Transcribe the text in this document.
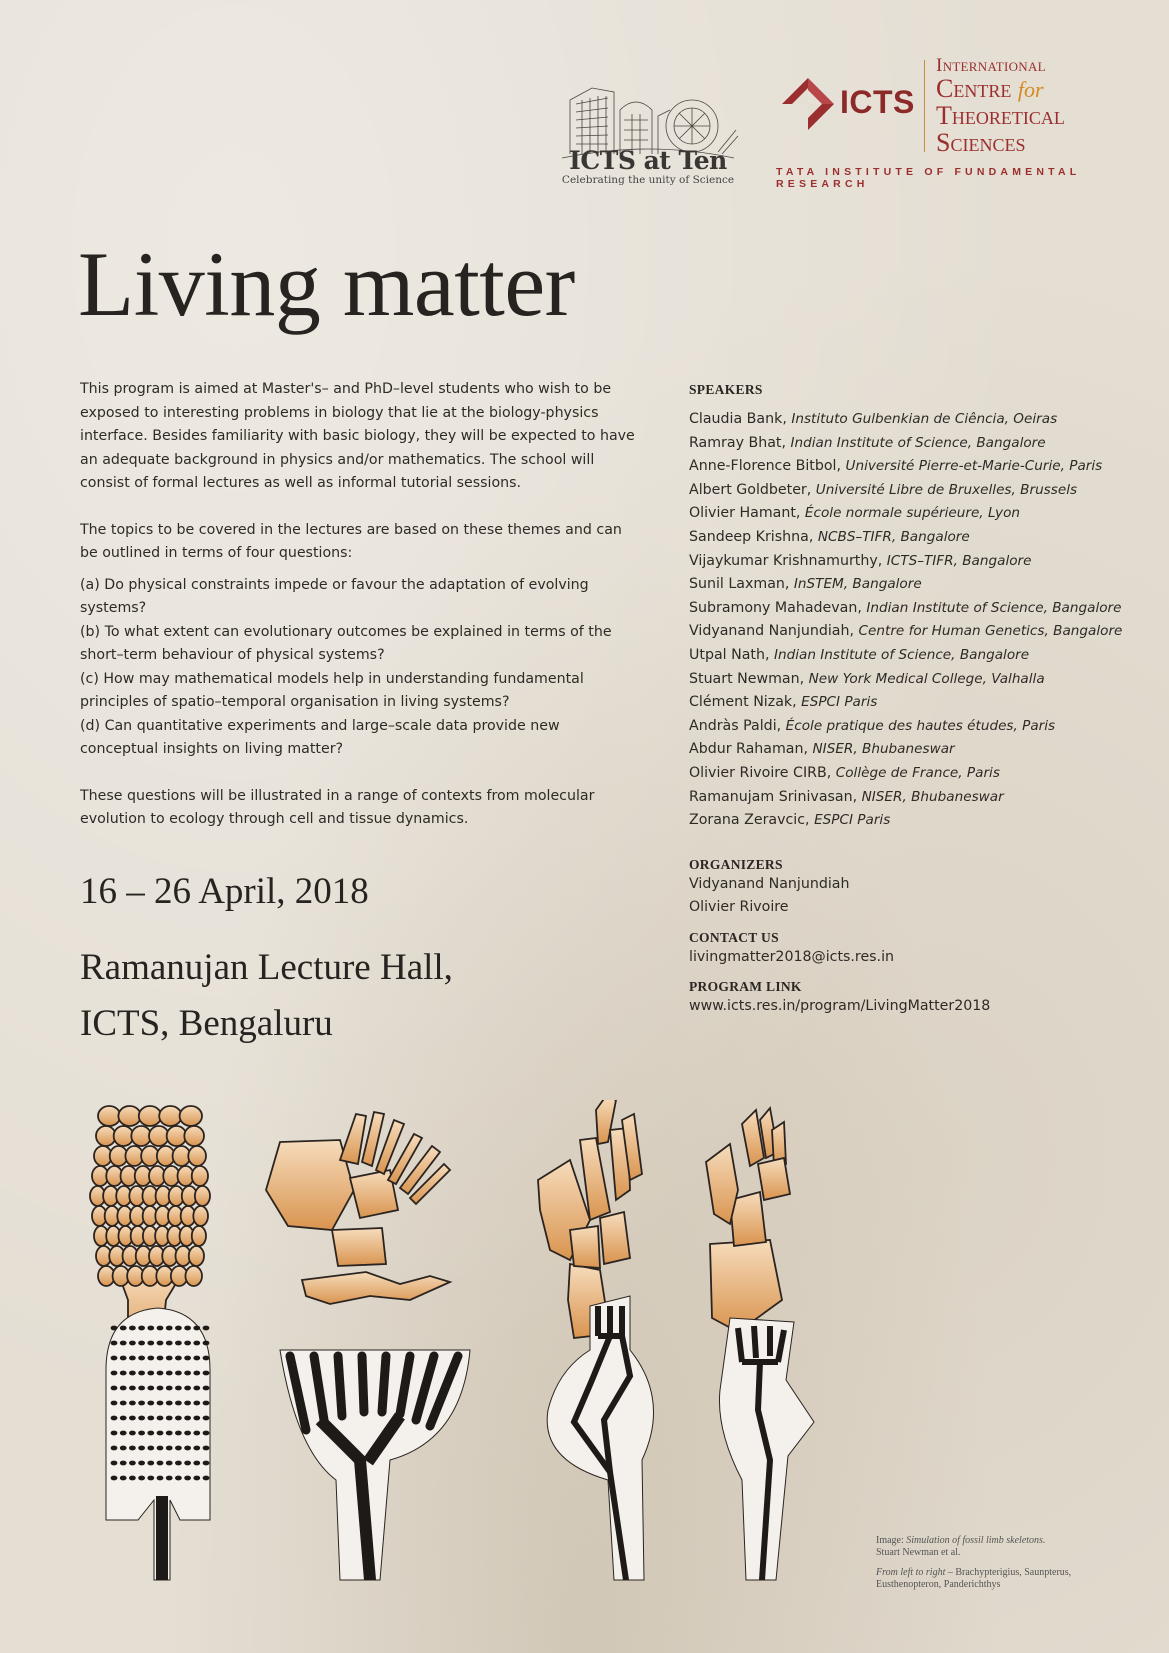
ICTS at Ten
Celebrating the unity of Science
ICTS
International
Centre for
Theoretical
Sciences
TATA INSTITUTE OF FUNDAMENTAL RESEARCH
Living matter

This program is aimed at Master's– and PhD–level students who wish to be exposed to interesting problems in biology that lie at the biology-physics interface. Besides familiarity with basic biology, they will be expected to have an adequate background in physics and/or mathematics. The school will consist of formal lectures as well as informal tutorial sessions.

The topics to be covered in the lectures are based on these themes and can be outlined in terms of four questions:

(a) Do physical constraints impede or favour the adaptation of evolving systems?

(b) To what extent can evolutionary outcomes be explained in terms of the short–term behaviour of physical systems?

(c) How may mathematical models help in understanding fundamental principles of spatio–temporal organisation in living systems?

(d) Can quantitative experiments and large–scale data provide new conceptual insights on living matter?

These questions will be illustrated in a range of contexts from molecular evolution to ecology through cell and tissue dynamics.

16 – 26 April, 2018
Ramanujan Lecture Hall,
ICTS, Bengaluru

SPEAKERS

Claudia Bank, Instituto Gulbenkian de Ciência, Oeiras

Ramray Bhat, Indian Institute of Science, Bangalore

Anne-Florence Bitbol, Université Pierre-et-Marie-Curie, Paris

Albert Goldbeter, Université Libre de Bruxelles, Brussels

Olivier Hamant, École normale supérieure, Lyon

Sandeep Krishna, NCBS–TIFR, Bangalore

Vijaykumar Krishnamurthy, ICTS–TIFR, Bangalore

Sunil Laxman, InSTEM, Bangalore

Subramony Mahadevan, Indian Institute of Science, Bangalore

Vidyanand Nanjundiah, Centre for Human Genetics, Bangalore

Utpal Nath, Indian Institute of Science, Bangalore

Stuart Newman, New York Medical College, Valhalla

Clément Nizak, ESPCI Paris

Andràs Paldi, École pratique des hautes études, Paris

Abdur Rahaman, NISER, Bhubaneswar

Olivier Rivoire CIRB, Collège de France, Paris

Ramanujam Srinivasan, NISER, Bhubaneswar

Zorana Zeravcic, ESPCI Paris

ORGANIZERS

Vidyanand Nanjundiah

Olivier Rivoire

CONTACT US

livingmatter2018@icts.res.in

PROGRAM LINK

www.icts.res.in/program/LivingMatter2018

Image: Simulation of fossil limb skeletons.
Stuart Newman et al.
From left to right – Brachypterigius, Saunpterus, Eusthenopteron, Panderichthys
